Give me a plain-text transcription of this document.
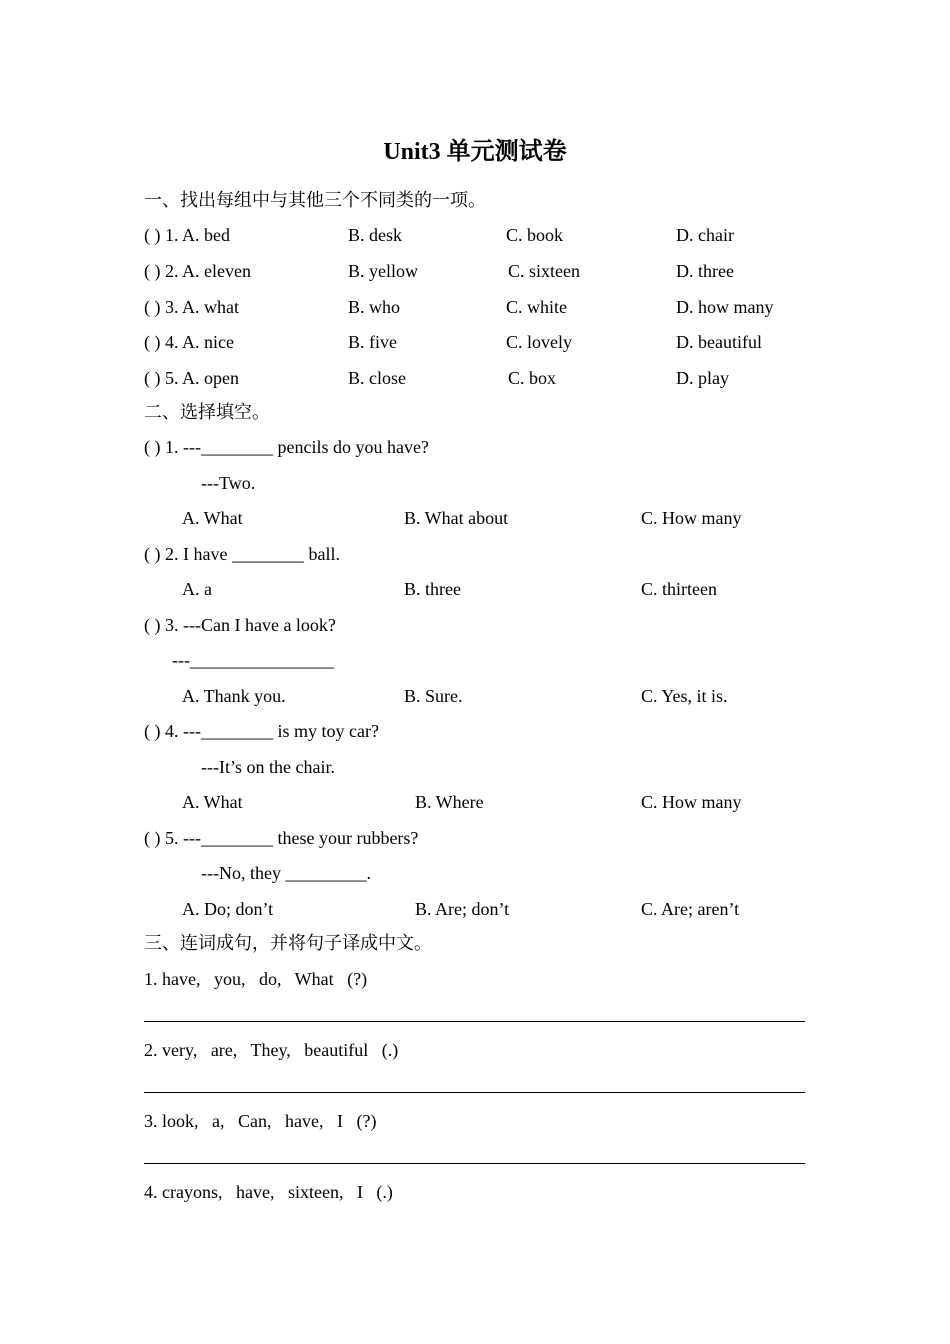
Unit3 单元测试卷
一、找出每组中与其他三个不同类的一项。
( ) 1. A. bed	B. desk	C. book	D. chair
( ) 2. A. eleven	B. yellow	C. sixteen	D. three
( ) 3. A. what	B. who	C. white	D. how many
( ) 4. A. nice	B. five	C. lovely	D. beautiful
( ) 5. A. open	B. close	C. box	D. play
二、选择填空。
( ) 1. ---________ pencils do you have?
---Two.
A. What	B. What about	C. How many
( ) 2. I have ________ ball.
A. a	B. three	C. thirteen
( ) 3. ---Can I have a look?
---________________
A. Thank you.	B. Sure.	C. Yes, it is.
( ) 4. ---________ is my toy car?
---It’s on the chair.
A. What	B. Where	C. How many
( ) 5. ---________ these your rubbers?
---No, they _________.
A. Do; don’t	B. Are; don’t	C. Are; aren’t
三、连词成句，并将句子译成中文。
1. have,   you,   do,   What   (?)
2. very,   are,   They,   beautiful   (.)
3. look,   a,   Can,   have,   I   (?)
4. crayons,   have,   sixteen,   I   (.)
